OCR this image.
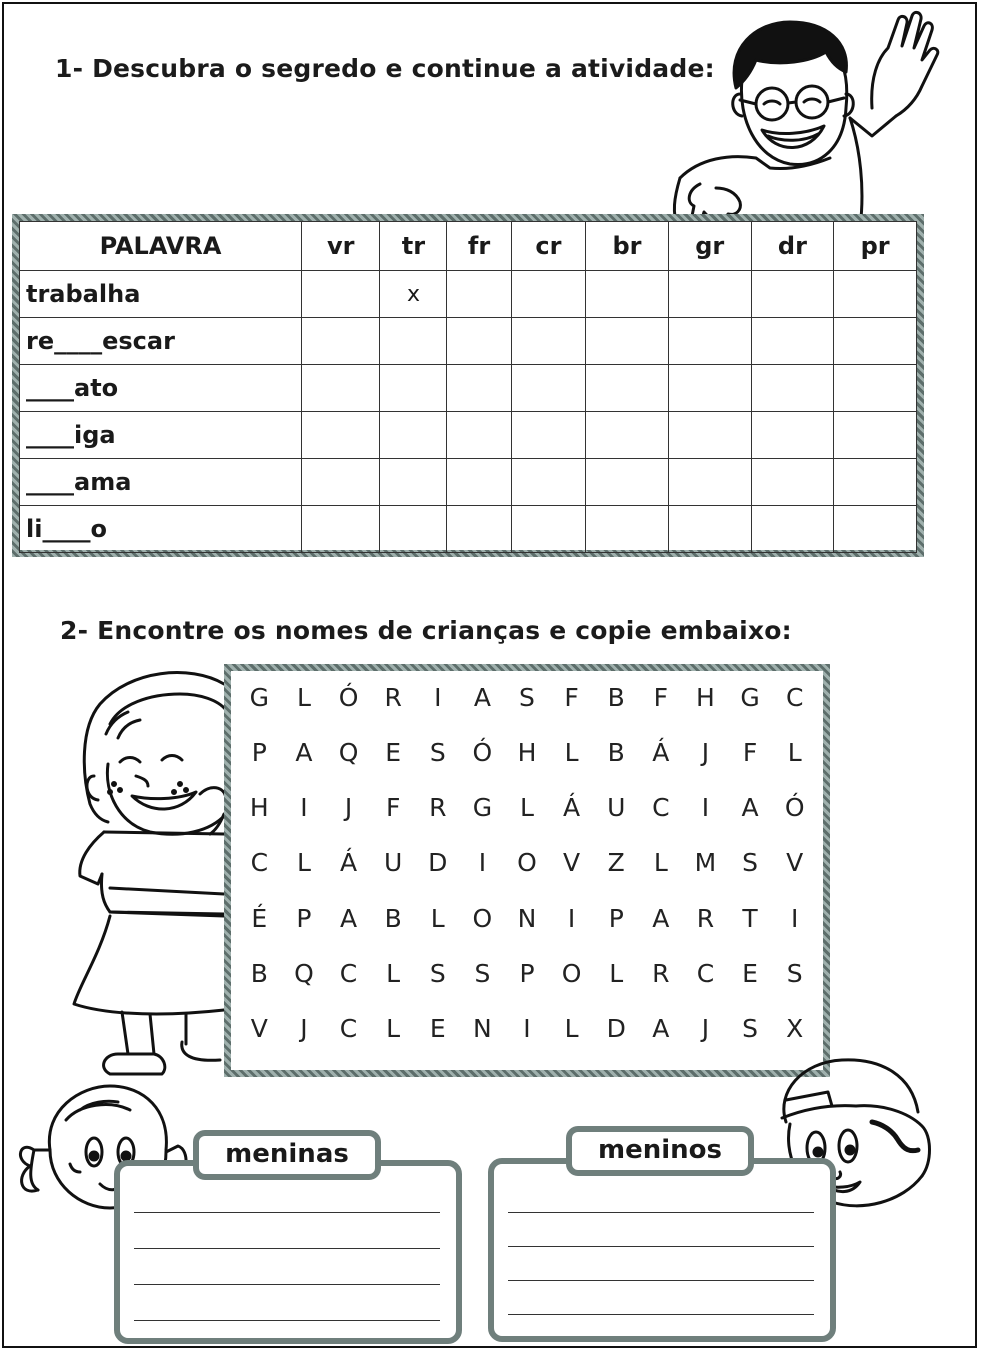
1- Descubra o segredo e continue a atividade:
PALAVRA	vr	tr	fr	cr	br	gr	dr	pr
trabalha		x						
re____escar								
____ato								
____iga								
____ama								
li____o								
2- Encontre os nomes de crianças e copie embaixo:
G	L	Ó	R	I	A	S	F	B	F	H	G	C
P	A	Q	E	S	Ó	H	L	B	Á	J	F	L
H	I	J	F	R	G	L	Á	U	C	I	A	Ó
C	L	Á	U	D	I	O	V	Z	L	M	S	V
É	P	A	B	L	O	N	I	P	A	R	T	I
B	Q	C	L	S	S	P	O	L	R	C	E	S
V	J	C	L	E	N	I	L	D	A	J	S	X
meninas	meninos
